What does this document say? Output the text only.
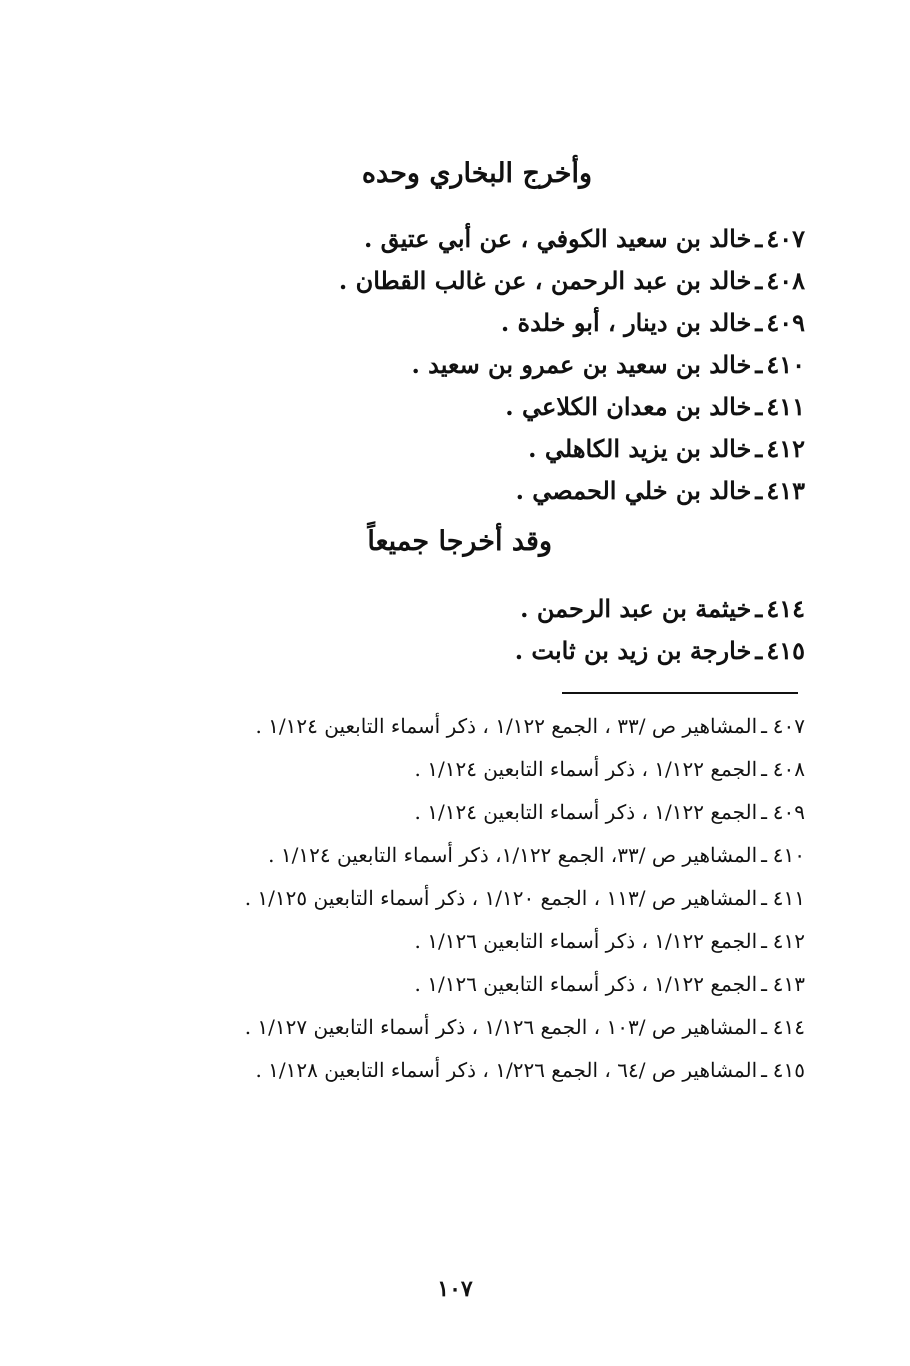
وأخرج البخاري وحده
٤٠٧ـخالد بن سعيد الكوفي ، عن أبي عتيق .
٤٠٨ـخالد بن عبد الرحمن ، عن غالب القطان .
٤٠٩ـخالد بن دينار ، أبو خلدة .
٤١٠ـخالد بن سعيد بن عمرو بن سعيد .
٤١١ـخالد بن معدان الكلاعي .
٤١٢ـخالد بن يزيد الكاهلي .
٤١٣ـخالد بن خلي الحمصي .
وقد أخرجا جميعاً
٤١٤ـخيثمة بن عبد الرحمن .
٤١٥ـخارجة بن زيد بن ثابت .
٤٠٧ـالمشاهير ص /٣٣ ، الجمع ١/١٢٢ ، ذكر أسماء التابعين ١/١٢٤ .
٤٠٨ـالجمع ١/١٢٢ ، ذكر أسماء التابعين ١/١٢٤ .
٤٠٩ـالجمع ١/١٢٢ ، ذكر أسماء التابعين ١/١٢٤ .
٤١٠ـالمشاهير ص /٣٣، الجمع ١/١٢٢، ذكر أسماء التابعين ١/١٢٤ .
٤١١ـالمشاهير ص /١١٣ ، الجمع ١/١٢٠ ، ذكر أسماء التابعين ١/١٢٥ .
٤١٢ـالجمع ١/١٢٢ ، ذكر أسماء التابعين ١/١٢٦ .
٤١٣ـالجمع ١/١٢٢ ، ذكر أسماء التابعين ١/١٢٦ .
٤١٤ـالمشاهير ص /١٠٣ ، الجمع ١/١٢٦ ، ذكر أسماء التابعين ١/١٢٧ .
٤١٥ـالمشاهير ص /٦٤ ، الجمع ١/٢٢٦ ، ذكر أسماء التابعين ١/١٢٨ .
١٠٧
